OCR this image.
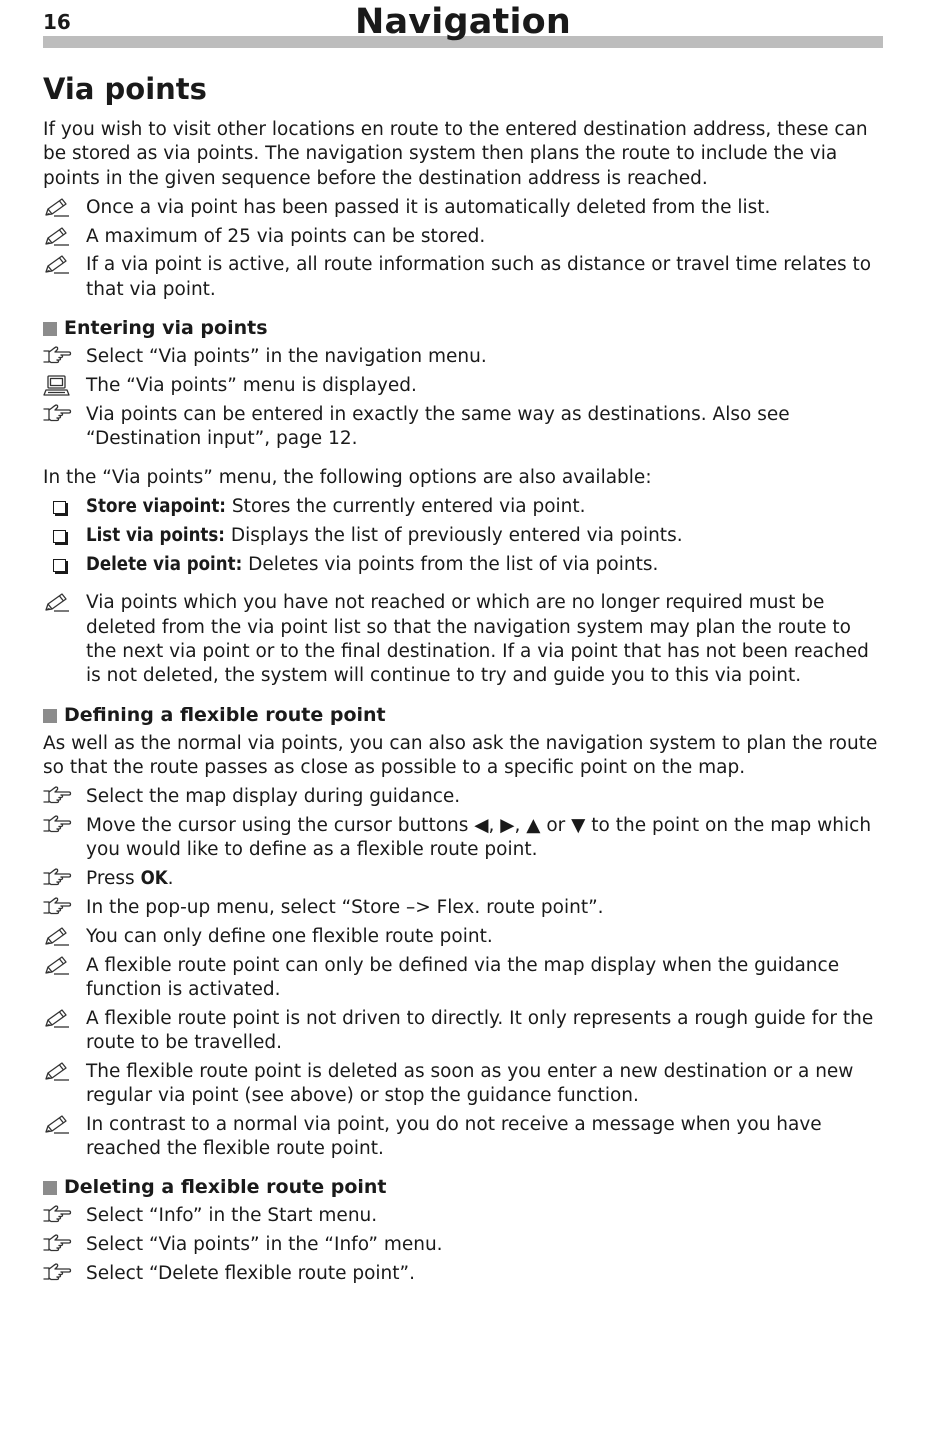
16	Navigation
Via points

If you wish to visit other locations en route to the entered destination address, these can be stored as via points. The navigation system then plans the route to include the via points in the given sequence before the destination address is reached.

Once a via point has been passed it is automatically deleted from the list.
A maximum of 25 via points can be stored.
If a via point is active, all route information such as distance or travel time relates to that via point.
Entering via points
Select “Via points” in the navigation menu.
The “Via points” menu is displayed.
Via points can be entered in exactly the same way as destinations. Also see “Destination input”, page 12.

In the “Via points” menu, the following options are also available:

Store viapoint: Stores the currently entered via point.
List via points: Displays the list of previously entered via points.
Delete via point: Deletes via points from the list of via points.
Via points which you have not reached or which are no longer required must be deleted from the via point list so that the navigation system may plan the route to the next via point or to the final destination. If a via point that has not been reached is not deleted, the system will continue to try and guide you to this via point.
Defining a flexible route point

As well as the normal via points, you can also ask the navigation system to plan the route so that the route passes as close as possible to a specific point on the map.

Select the map display during guidance.
Move the cursor using the cursor buttons ◀, ▶, ▲ or ▼ to the point on the map which you would like to define as a flexible route point.
Press OK.
In the pop-up menu, select “Store –> Flex. route point”.
You can only define one flexible route point.
A flexible route point can only be defined via the map display when the guidance function is activated.
A flexible route point is not driven to directly. It only represents a rough guide for the route to be travelled.
The flexible route point is deleted as soon as you enter a new destination or a new regular via point (see above) or stop the guidance function.
In contrast to a normal via point, you do not receive a message when you have reached the flexible route point.
Deleting a flexible route point
Select “Info” in the Start menu.
Select “Via points” in the “Info” menu.
Select “Delete flexible route point”.
